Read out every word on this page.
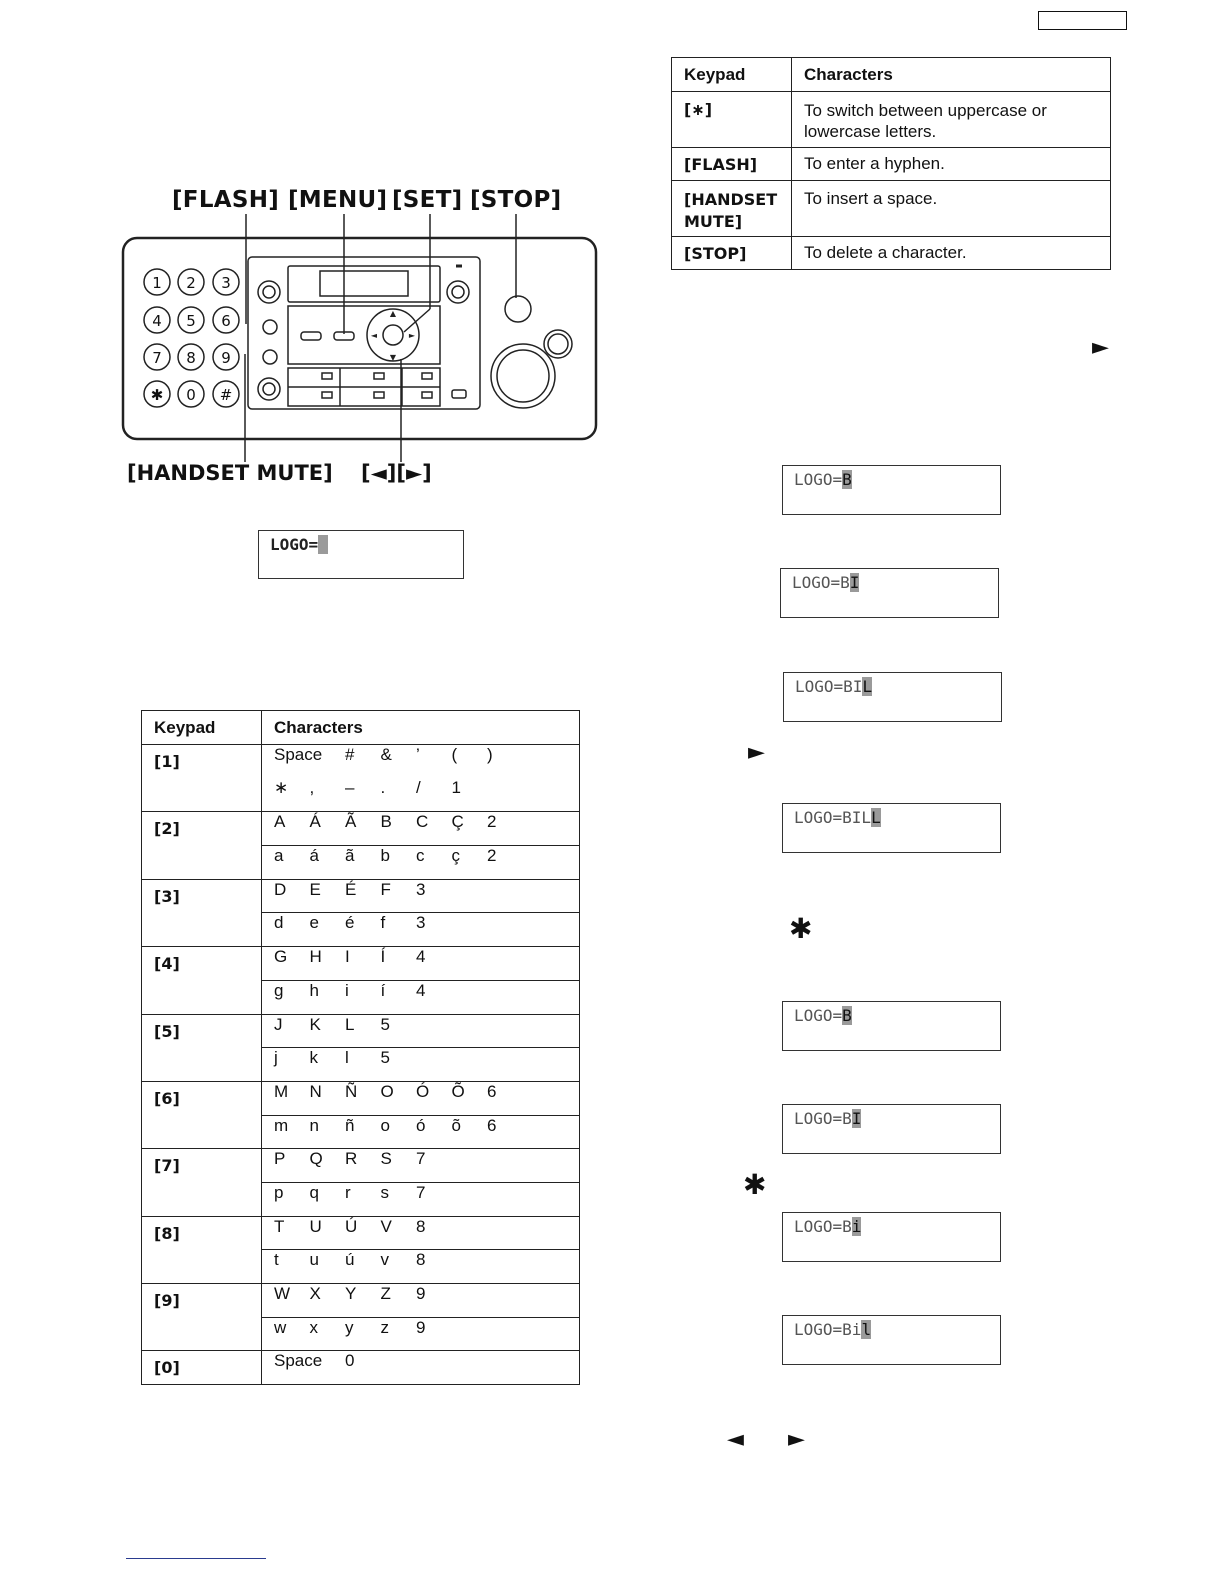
[FLASH] [MENU] [SET] [STOP]
1 2 3
4 5 6
7 8 9
✱ 0 #
▲
▼
◄	►
[HANDSET MUTE] [◄][►]
LOGO=
Keypad	Characters
[1]	Space # & ’ ( )
	∗ , – . / 1
[2]	A Á Ã B C Ç 2
	a á ã b c ç 2
[3]	D E É F 3
	d e é f 3
[4]	G H I Í 4
	g h i í 4
[5]	J K L 5
	j k l 5
[6]	M N Ñ O Ó Õ 6
	m n ñ o ó õ 6
[7]	P Q R S 7
	p q r s 7
[8]	T U Ú V 8
	t u ú v 8
[9]	W X Y Z 9
	w x y z 9
[0]	Space 0
Keypad	Characters
[∗]	To switch between uppercase or lowercase letters.
[FLASH]	To enter a hyphen.
[HANDSET MUTE]	To insert a space.
[STOP]	To delete a character.
LOGO=B
LOGO=BI
LOGO=BIL
LOGO=BILL
LOGO=B
LOGO=BI
LOGO=Bi
LOGO=Bil
►
►
✱
✱
◄ ►
